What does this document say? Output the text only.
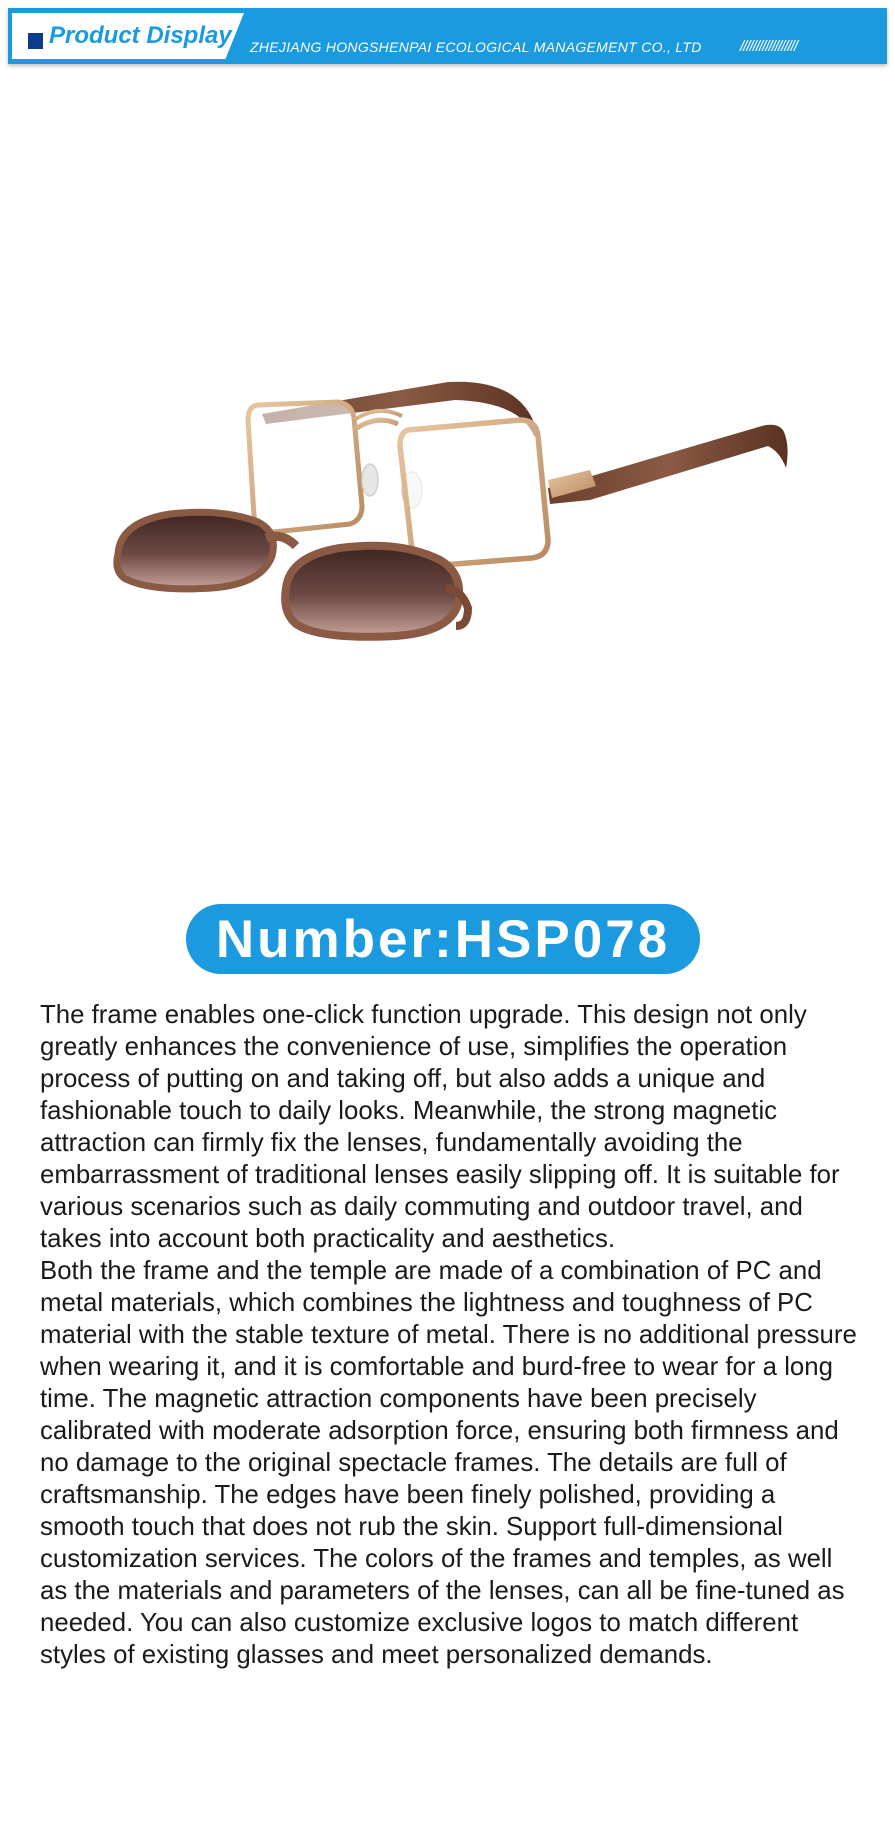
Product Display ZHEJIANG HONGSHENPAI ECOLOGICAL MANAGEMENT CO., LTD	//////////////////
Number:HSP078

The frame enables one-click function upgrade. This design not only greatly enhances the convenience of use, simplifies the operation process of putting on and taking off, but also adds a unique and fashionable touch to daily looks. Meanwhile, the strong magnetic attraction can firmly fix the lenses, fundamentally avoiding the embarrassment of traditional lenses easily slipping off. It is suitable for various scenarios such as daily commuting and outdoor travel, and takes into account both practicality and aesthetics.

Both the frame and the temple are made of a combination of PC and metal materials, which combines the lightness and toughness of PC material with the stable texture of metal. There is no additional pressure when wearing it, and it is comfortable and burd-free to wear for a long time. The magnetic attraction components have been precisely calibrated with moderate adsorption force, ensuring both firmness and no damage to the original spectacle frames. The details are full of craftsmanship. The edges have been finely polished, providing a smooth touch that does not rub the skin. Support full-dimensional customization services. The colors of the frames and temples, as well as the materials and parameters of the lenses, can all be fine-tuned as needed. You can also customize exclusive logos to match different styles of existing glasses and meet personalized demands.
